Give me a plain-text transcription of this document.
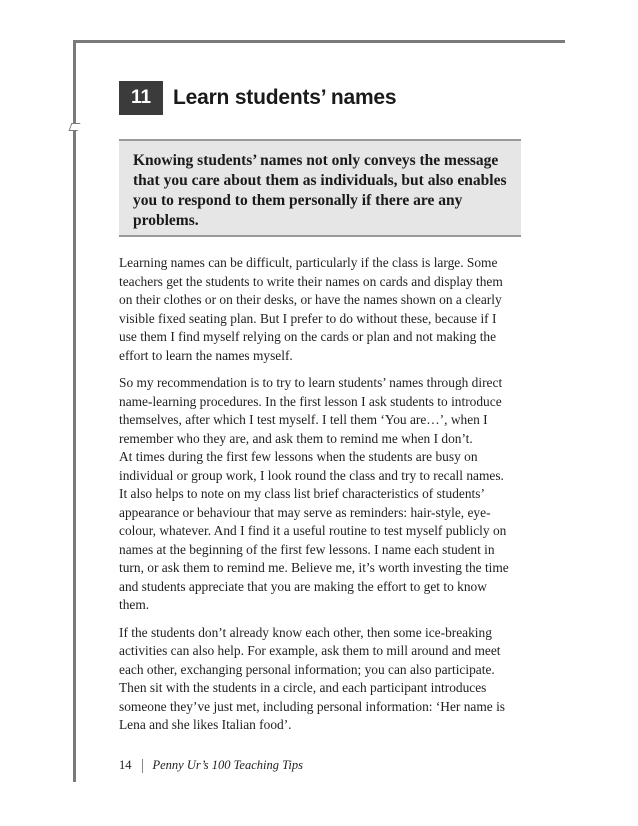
11	Learn students’ names

Knowing students’ names not only conveys the message that you care about them as individuals, but also enables you to respond to them personally if there are any problems.

Learning names can be difficult, particularly if the class is large. Some
teachers get the students to write their names on cards and display them
on their clothes or on their desks, or have the names shown on a clearly
visible fixed seating plan. But I prefer to do without these, because if I
use them I find myself relying on the cards or plan and not making the
effort to learn the names myself.

So my recommendation is to try to learn students’ names through direct
name-learning procedures. In the first lesson I ask students to introduce
themselves, after which I test myself. I tell them ‘You are…’, when I
remember who they are, and ask them to remind me when I don’t.
At times during the first few lessons when the students are busy on
individual or group work, I look round the class and try to recall names.
It also helps to note on my class list brief characteristics of students’
appearance or behaviour that may serve as reminders: hair-style, eye-
colour, whatever. And I find it a useful routine to test myself publicly on
names at the beginning of the first few lessons. I name each student in
turn, or ask them to remind me. Believe me, it’s worth investing the time
and students appreciate that you are making the effort to get to know
them.

If the students don’t already know each other, then some ice-breaking
activities can also help. For example, ask them to mill around and meet
each other, exchanging personal information; you can also participate.
Then sit with the students in a circle, and each participant introduces
someone they’ve just met, including personal information: ‘Her name is
Lena and she likes Italian food’.

14 Penny Ur’s 100 Teaching Tips
